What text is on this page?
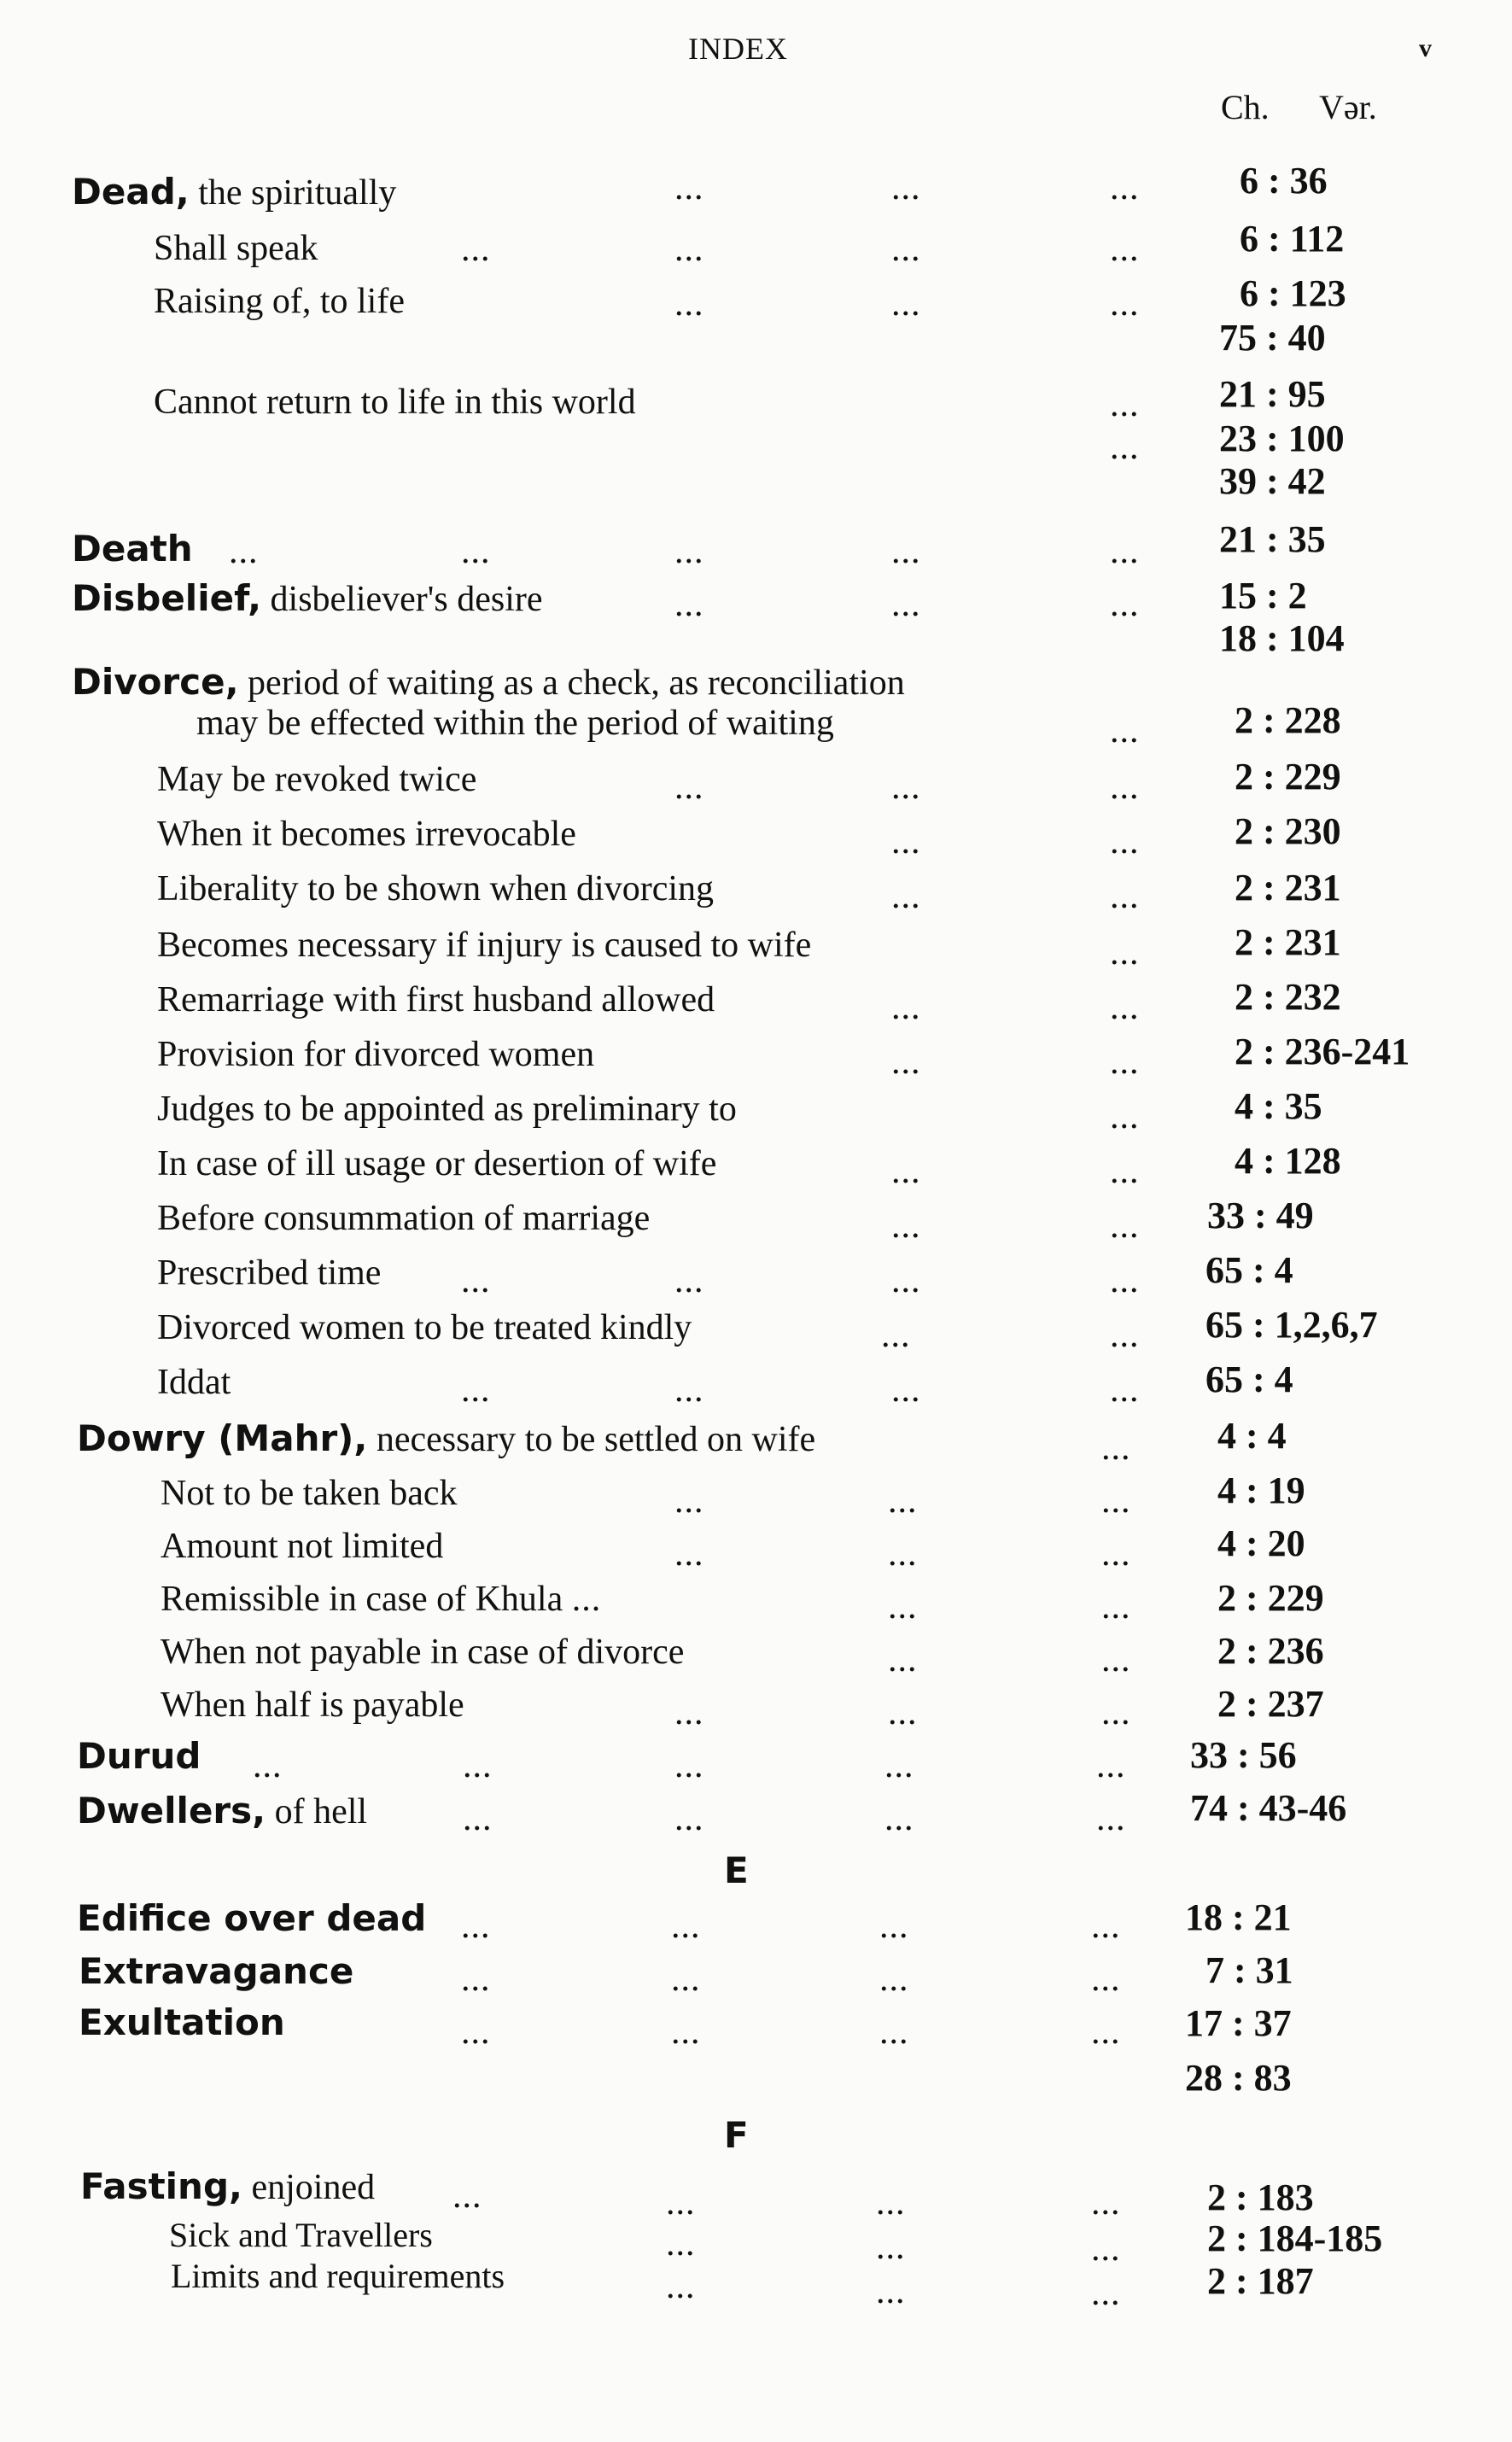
INDEX	v
Ch. Vər.
Dead, the spiritually	...	...	...	6 : 36
Shall speak	...	...	...	...	6 : 112
Raising of, to life	...	...	...	6 : 123
75 : 40
Cannot return to life in this world	... 21 : 95
... 23 : 100
39 : 42
Death ...	...	...	...	... 21 : 35
Disbelief, disbeliever's desire	...	...	... 15 : 2
18 : 104
Divorce, period of waiting as a check, as reconciliation
may be effected within the period of waiting	...	2 : 228
May be revoked twice	...	...	...	2 : 229
When it becomes irrevocable	...	...	2 : 230
Liberality to be shown when divorcing	...	...	2 : 231
Becomes necessary if injury is caused to wife	...	2 : 231
Remarriage with first husband allowed	...	...	2 : 232
Provision for divorced women	...	...	2 : 236-241
Judges to be appointed as preliminary to	...	4 : 35
In case of ill usage or desertion of wife	...	...	4 : 128
Before consummation of marriage	...	... 33 : 49
Prescribed time ...	...	...	... 65 : 4
Divorced women to be treated kindly	...	... 65 : 1,2,6,7
Iddat	...	...	...	... 65 : 4
Dowry (Mahr), necessary to be settled on wife	... 4 : 4
Not to be taken back	...	...	... 4 : 19
Amount not limited	...	...	... 4 : 20
Remissible in case of Khula ...	...	... 2 : 229
When not payable in case of divorce	...	... 2 : 236
When half is payable	...	...	... 2 : 237
Durud ...	...	...	...	... 33 : 56
Dwellers, of hell	...	...	...	... 74 : 43-46
E
Edifice over dead ...	...	...	... 18 : 21
Extravagance	...	...	...	... 7 : 31
Exultation	...	...	...	... 17 : 37
28 : 83
F
Fasting, enjoined ...	...	...	... 2 : 183
Sick and Travellers	...	...	... 2 : 184-185
Limits and requirements	...	...	... 2 : 187
